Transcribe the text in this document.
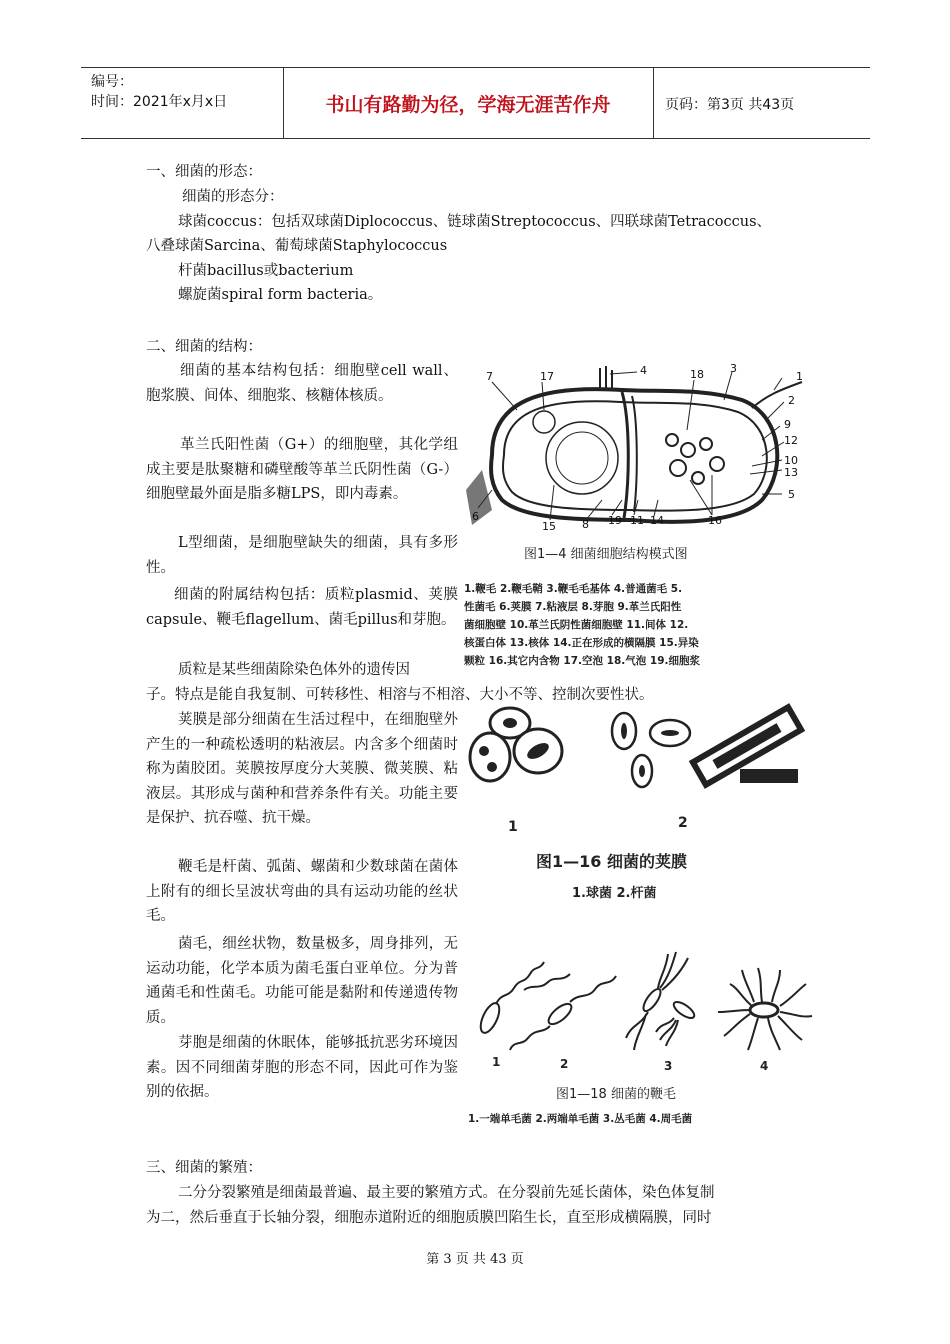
编号：
时间：2021年x月x日	书山有路勤为径，学海无涯苦作舟	页码：第3页 共43页

一、细菌的形态：

细菌的形态分：

球菌coccus：包括双球菌Diplococcus、链球菌Streptococcus、四联球菌Tetracoccus、

八叠球菌Sarcina、葡萄球菌Staphylococcus

杆菌bacillus或bacterium

螺旋菌spiral form bacteria。

二、细菌的结构：

细菌的基本结构包括：细胞壁cell wall、 胞浆膜、间体、细胞浆、核糖体核质。

革兰氏阳性菌（G+）的细胞壁，其化学组成主要是肽聚糖和磷壁酸等革兰氏阴性菌（G-）细胞壁最外面是脂多糖LPS，即内毒素。

L型细菌，是细胞壁缺失的细菌，具有多形性。

细菌的附属结构包括：质粒plasmid、荚膜capsule、鞭毛flagellum、菌毛pillus和芽胞。

质粒是某些细菌除染色体外的遗传因

子。特点是能自我复制、可转移性、相溶与不相溶、大小不等、控制次要性状。

荚膜是部分细菌在生活过程中，在细胞壁外产生的一种疏松透明的粘液层。内含多个细菌时称为菌胶团。荚膜按厚度分大荚膜、微荚膜、粘液层。其形成与菌种和营养条件有关。功能主要是保护、抗吞噬、抗干燥。

鞭毛是杆菌、弧菌、螺菌和少数球菌在菌体上附有的细长呈波状弯曲的具有运动功能的丝状毛。

菌毛，细丝状物，数量极多，周身排列，无运动功能，化学本质为菌毛蛋白亚单位。分为普通菌毛和性菌毛。功能可能是黏附和传递遗传物质。

芽胞是细菌的休眠体，能够抵抗恶劣环境因素。因不同细菌芽胞的形态不同，因此可作为鉴别的依据。

三、细菌的繁殖：

二分分裂繁殖是细菌最普遍、最主要的繁殖方式。在分裂前先延长菌体，染色体复制

为二，然后垂直于长轴分裂，细胞赤道附近的细胞质膜凹陷生长，直至形成横隔膜，同时

7	17	4	18 3
1
2
9
12
10
13
5
6
15 8 19 11 14	16
图1—4 细菌细胞结构模式图
1.鞭毛 2.鞭毛鞘 3.鞭毛毛基体 4.普通菌毛 5.
性菌毛 6.荚膜 7.粘液层 8.芽胞 9.革兰氏阳性
菌细胞壁 10.革兰氏阴性菌细胞壁 11.间体 12.
核蛋白体 13.核体 14.正在形成的横隔膜 15.异染
颗粒 16.其它内含物 17.空泡 18.气泡 19.细胞浆
1	2
图1—16 细菌的荚膜
1.球菌 2.杆菌
1	2	3	4
图1—18 细菌的鞭毛
1.一端单毛菌 2.两端单毛菌 3.丛毛菌 4.周毛菌
第 3 页 共 43 页
